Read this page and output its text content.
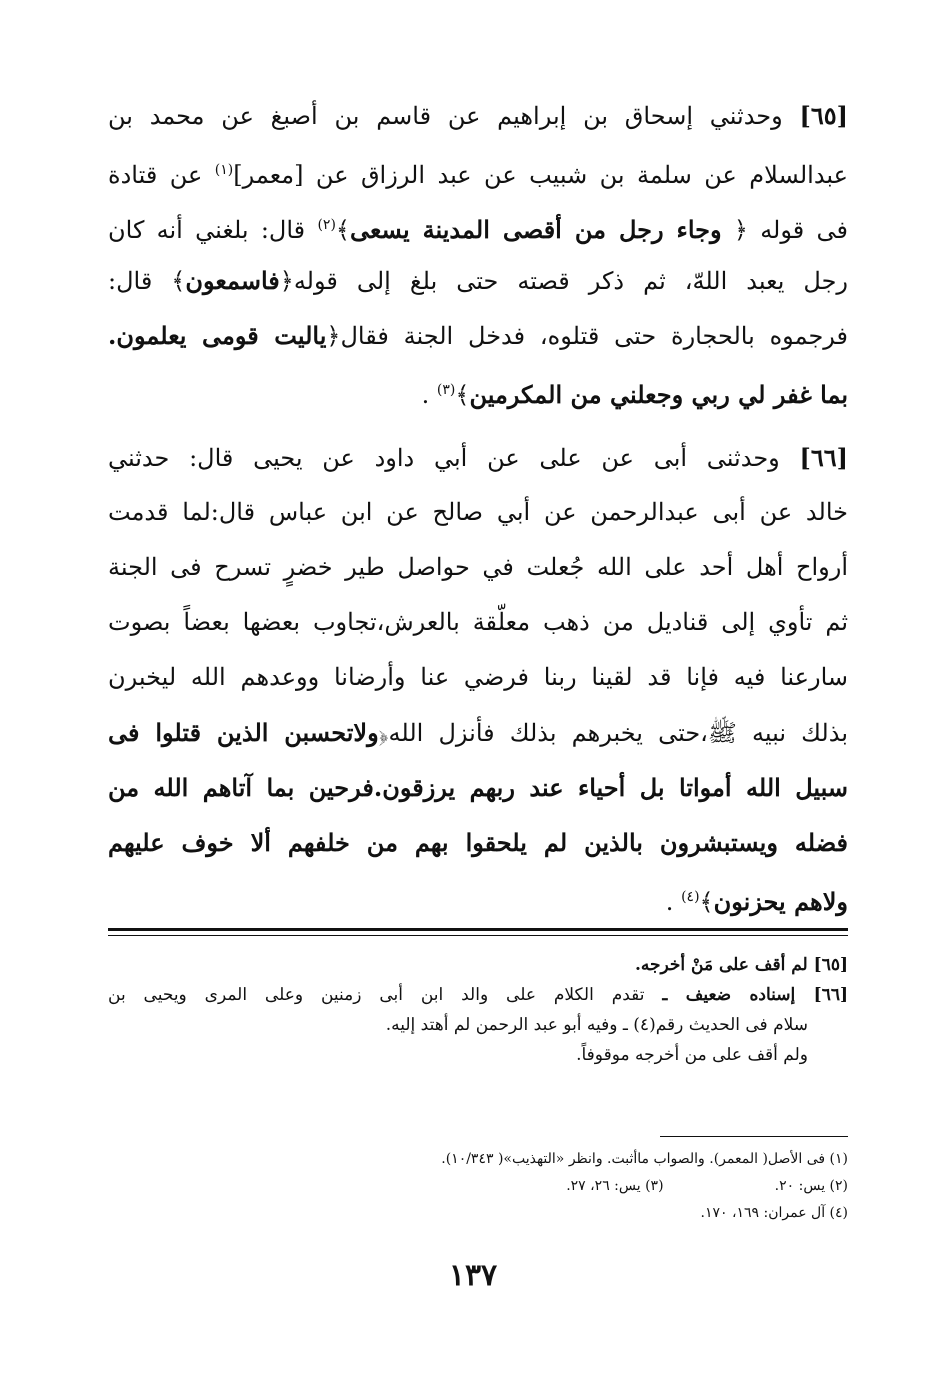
[٦٥] وحدثني إسحاق بن إبراهيم عن قاسم بن أصبغ عن محمد بن
عبدالسلام عن سلمة بن شبيب عن عبد الرزاق عن [معمر]$^{(١)}$ عن قتادة
فى قوله ﴿ وجاء رجل من أقصى المدينة يسعى﴾$^{(٢)}$ قال: بلغني أنه كان
رجل يعبد اللهّ، ثم ذكر قصته حتى بلغ إلى قوله﴿فاسمعون﴾ قال:
فرجموه بالحجارة حتى قتلوه، فدخل الجنة فقال﴿ياليت قومى يعلمون.
بما غفر لي ربي وجعلني من المكرمين﴾$^{(٣)}$ .
[٦٦] وحدثنى أبى عن على عن أبي داود عن يحيى قال: حدثني
خالد عن أبى عبدالرحمن عن أبي صالح عن ابن عباس قال:لما قدمت
أرواح أهل أحد على الله جُعلت في حواصل طير خضرٍ تسرح فى الجنة
ثم تأوي إلى قناديل من ذهب معلّقة بالعرش،تجاوب بعضها بعضاً بصوت
سارعنا فيه فإنا قد لقينا ربنا فرضي عنا وأرضانا ووعدهم الله ليخبرن
بذلك نبيه ﷺ،حتى يخبرهم بذلك فأنزل الله﴿ولاتحسبن الذين قتلوا فى
سبيل الله أمواتا بل أحياء عند ربهم يرزقون.فرحين بما آتاهم الله من
فضله ويستبشرون بالذين لم يلحقوا بهم من خلفهم ألا خوف عليهم
ولاهم يحزنون﴾$^{(٤)}$ .
[٦٥] لم أقف على مَنْ أخرجه.
[٦٦] إسناده ضعيف ـ تقدم الكلام على والد ابن أبى زمنين وعلى المرى ويحيى بن
سلام فى الحديث رقم(٤) ـ وفيه أبو عبد الرحمن لم أهتد إليه.
ولم أقف على من أخرجه موقوفاً.
(١) فى الأصل( المعمر). والصواب ماأثبت. وانظر «التهذيب»( ١٠/٣٤٣).
(٢) يس: ٢٠. (٣) يس: ٢٦، ٢٧.
(٤) آل عمران: ١٦٩، ١٧٠.
١٣٧
